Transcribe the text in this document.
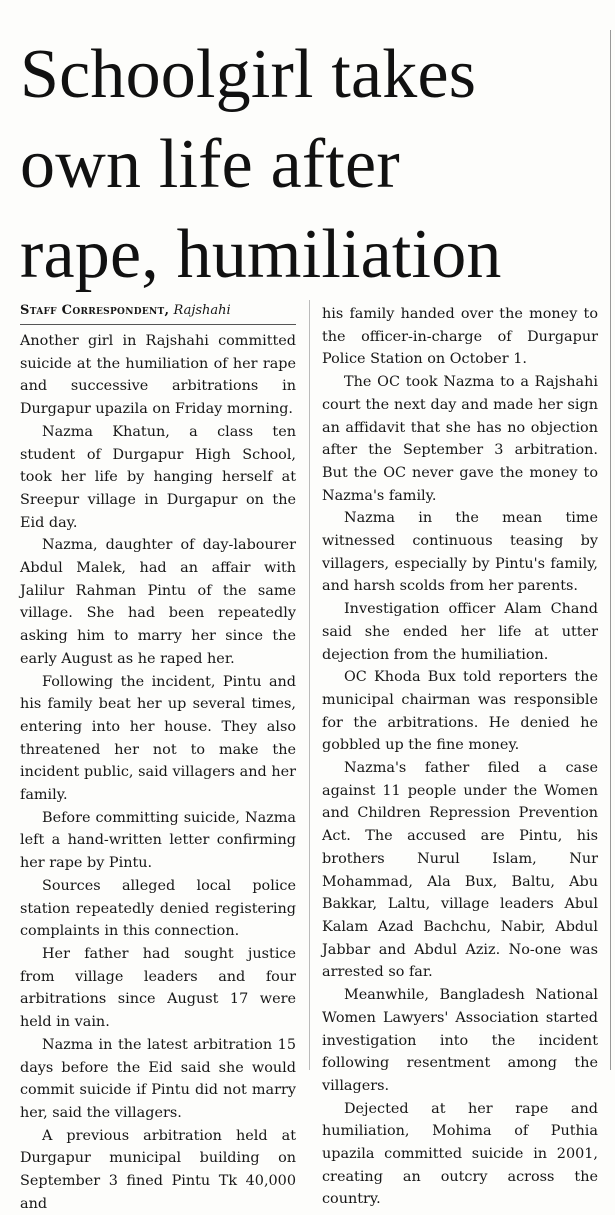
Schoolgirl takes
own life after
rape, humiliation
Staff Correspondent, Rajshahi

Another girl in Rajshahi committed suicide at the humiliation of her rape and successive arbitrations in Durgapur upazila on Friday morning.

Nazma Khatun, a class ten student of Durgapur High School, took her life by hanging herself at Sreepur village in Durgapur on the Eid day.

Nazma, daughter of day-labourer Abdul Malek, had an affair with Jalilur Rahman Pintu of the same village. She had been repeatedly asking him to marry her since the early August as he raped her.

Following the incident, Pintu and his family beat her up several times, entering into her house. They also threatened her not to make the incident public, said villagers and her family.

Before committing suicide, Nazma left a hand-written letter confirming her rape by Pintu.

Sources alleged local police station repeatedly denied registering complaints in this connection.

Her father had sought justice from village leaders and four arbitrations since August 17 were held in vain.

Nazma in the latest arbitration 15 days before the Eid said she would commit suicide if Pintu did not marry her, said the villagers.

A previous arbitration held at Durgapur municipal building on September 3 fined Pintu Tk 40,000 and

his family handed over the money to the officer-in-charge of Durgapur Police Station on October 1.

The OC took Nazma to a Rajshahi court the next day and made her sign an affidavit that she has no objection after the September 3 arbitration. But the OC never gave the money to Nazma's family.

Nazma in the mean time witnessed continuous teasing by villagers, especially by Pintu's family, and harsh scolds from her parents.

Investigation officer Alam Chand said she ended her life at utter dejection from the humiliation.

OC Khoda Bux told reporters the municipal chairman was responsible for the arbitrations. He denied he gobbled up the fine money.

Nazma's father filed a case against 11 people under the Women and Children Repression Prevention Act. The accused are Pintu, his brothers Nurul Islam, Nur Mohammad, Ala Bux, Baltu, Abu Bakkar, Laltu, village leaders Abul Kalam Azad Bachchu, Nabir, Abdul Jabbar and Abdul Aziz. No-one was arrested so far.

Meanwhile, Bangladesh National Women Lawyers' Association started investigation into the incident following resentment among the villagers.

Dejected at her rape and humiliation, Mohima of Puthia upazila committed suicide in 2001, creating an outcry across the country.
